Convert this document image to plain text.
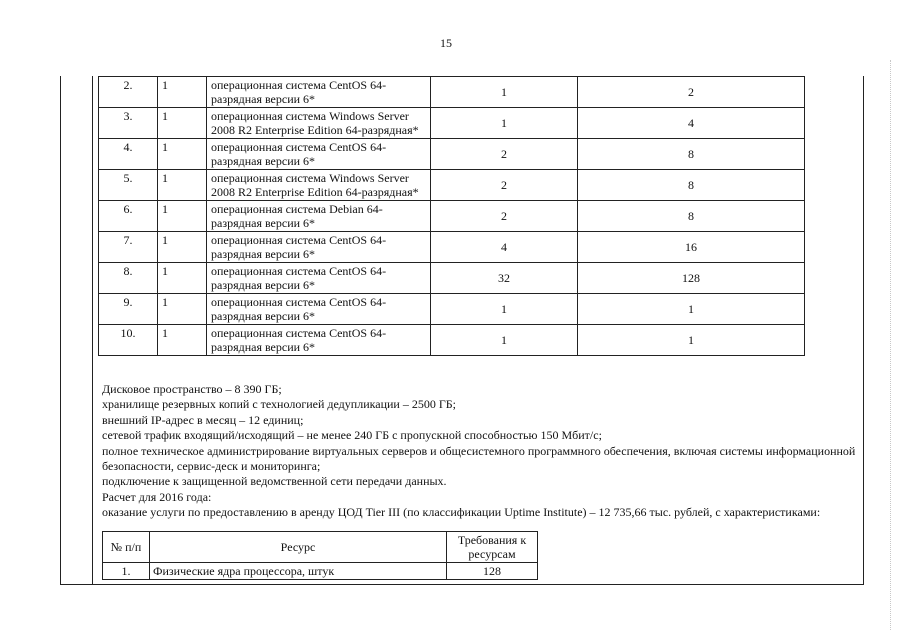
15
2.	1	операционная система CentOS 64-разрядная версии 6*	1	2
3.	1	операционная система Windows Server 2008 R2 Enterprise Edition 64-разрядная*	1	4
4.	1	операционная система CentOS 64-разрядная версии 6*	2	8
5.	1	операционная система Windows Server 2008 R2 Enterprise Edition 64-разрядная*	2	8
6.	1	операционная система Debian 64-разрядная версии 6*	2	8
7.	1	операционная система CentOS 64-разрядная версии 6*	4	16
8.	1	операционная система CentOS 64-разрядная версии 6*	32	128
9.	1	операционная система CentOS 64-разрядная версии 6*	1	1
10.	1	операционная система CentOS 64-разрядная версии 6*	1	1

Дисковое пространство – 8 390 ГБ;

хранилище резервных копий с технологией дедупликации – 2500 ГБ;

внешний IP-адрес в месяц – 12 единиц;

сетевой трафик входящий/исходящий – не менее 240 ГБ с пропускной способностью 150 Мбит/с;

полное техническое администрирование виртуальных серверов и общесистемного программного обеспечения, включая системы информационной безопасности, сервис-деск и мониторинга;

подключение к защищенной ведомственной сети передачи данных.

Расчет для 2016 года:

оказание услуги по предоставлению в аренду ЦОД Tier III (по классификации Uptime Institute) – 12 735,66 тыс. рублей, с характеристиками:

№ п/п	Ресурс	Требования к ресурсам
1.	Физические ядра процессора, штук	128
